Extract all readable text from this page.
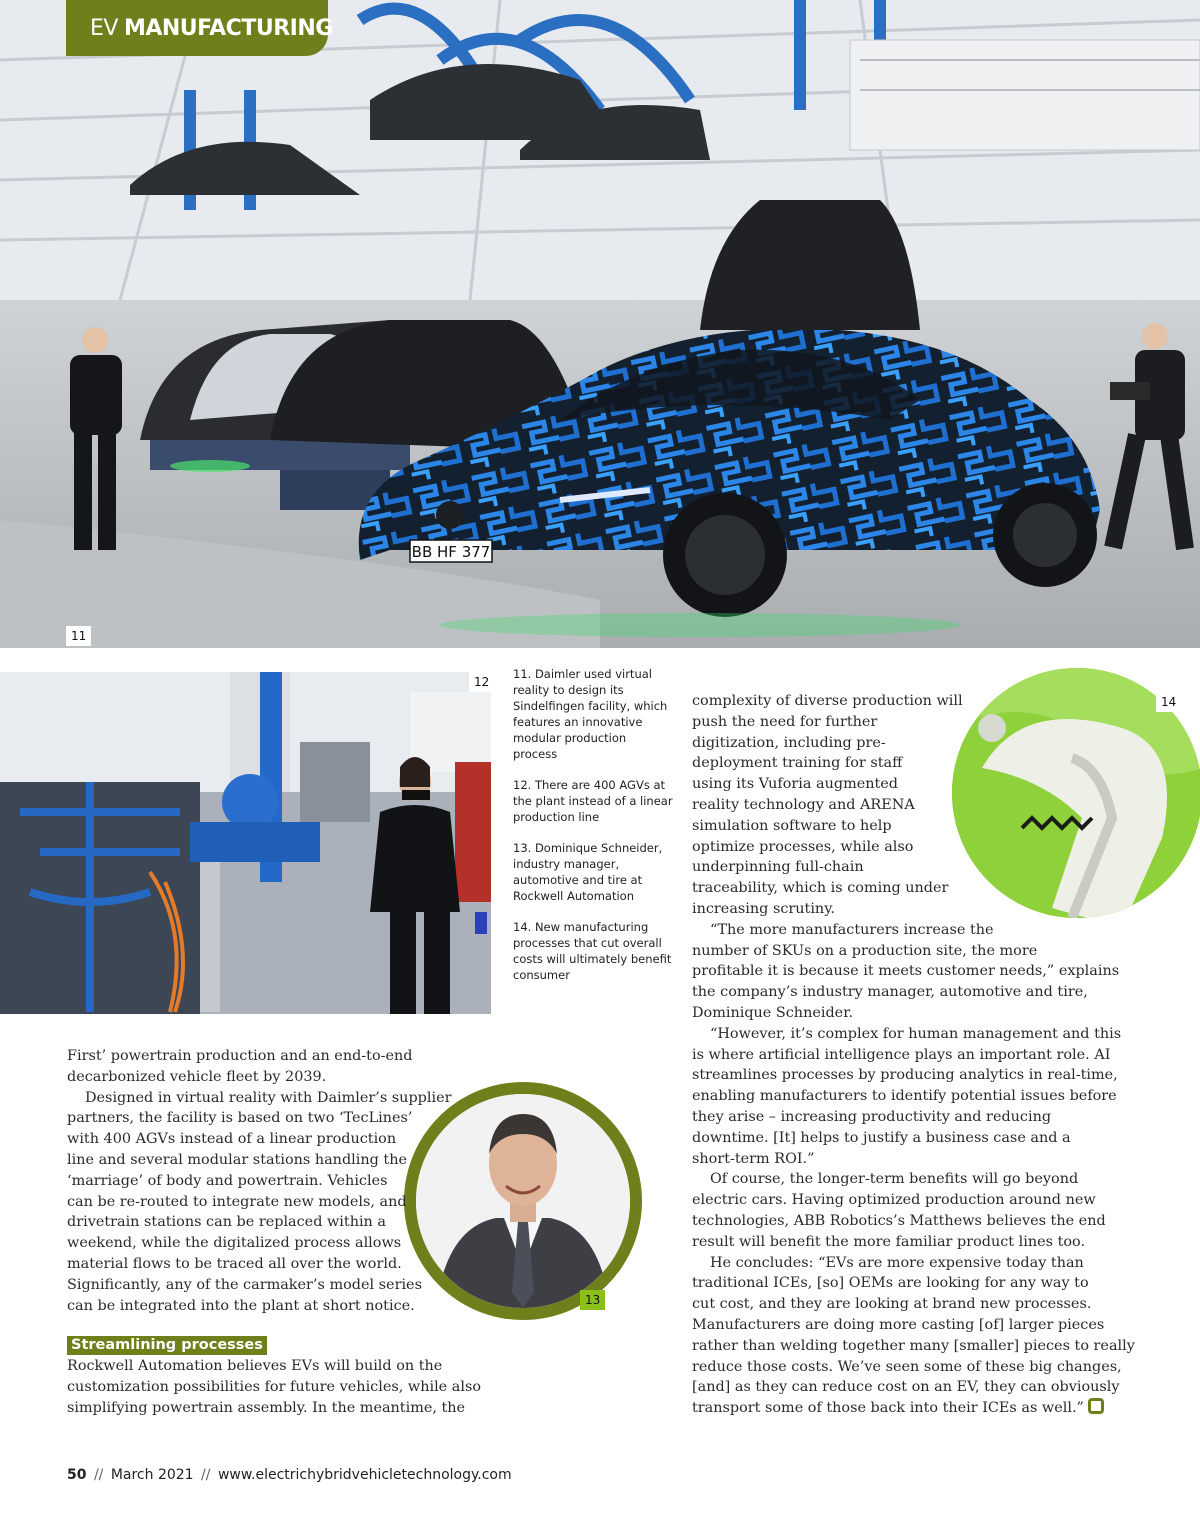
BB HF 377
EV MANUFACTURING
11
12

11. Daimler used virtual reality to design its Sindelfingen facility, which features an innovative modular production process

12. There are 400 AGVs at the plant instead of a linear production line

13. Dominique Schneider, industry manager, automotive and tire at Rockwell Automation

14. New manufacturing processes that cut overall costs will ultimately benefit consumer

14

complexity of diverse production will
push the need for further
digitization, including pre-
deployment training for staff
using its Vuforia augmented
reality technology and ARENA
simulation software to help
optimize processes, while also
underpinning full-chain
traceability, which is coming under
increasing scrutiny.

“The more manufacturers increase the
number of SKUs on a production site, the more
profitable it is because it meets customer needs,” explains
the company’s industry manager, automotive and tire,
Dominique Schneider.

“However, it’s complex for human management and this
is where artificial intelligence plays an important role. AI
streamlines processes by producing analytics in real-time,
enabling manufacturers to identify potential issues before
they arise – increasing productivity and reducing
downtime. [It] helps to justify a business case and a
short-term ROI.”

Of course, the longer-term benefits will go beyond
electric cars. Having optimized production around new
technologies, ABB Robotics’s Matthews believes the end
result will benefit the more familiar product lines too.

He concludes: “EVs are more expensive today than
traditional ICEs, [so] OEMs are looking for any way to
cut cost, and they are looking at brand new processes.
Manufacturers are doing more casting [of] larger pieces
rather than welding together many [smaller] pieces to really
reduce those costs. We’ve seen some of these big changes,
[and] as they can reduce cost on an EV, they can obviously
transport some of those back into their ICEs as well.”

13

First’ powertrain production and an end-to-end
decarbonized vehicle fleet by 2039.

Designed in virtual reality with Daimler’s supplier
partners, the facility is based on two ‘TecLines’
with 400 AGVs instead of a linear production
line and several modular stations handling the
‘marriage’ of body and powertrain. Vehicles
can be re-routed to integrate new models, and
drivetrain stations can be replaced within a
weekend, while the digitalized process allows
material flows to be traced all over the world.
Significantly, any of the carmaker’s model series
can be integrated into the plant at short notice.

Streamlining processes

Rockwell Automation believes EVs will build on the
customization possibilities for future vehicles, while also
simplifying powertrain assembly. In the meantime, the

50 // March 2021 // www.electrichybridvehicletechnology.com
